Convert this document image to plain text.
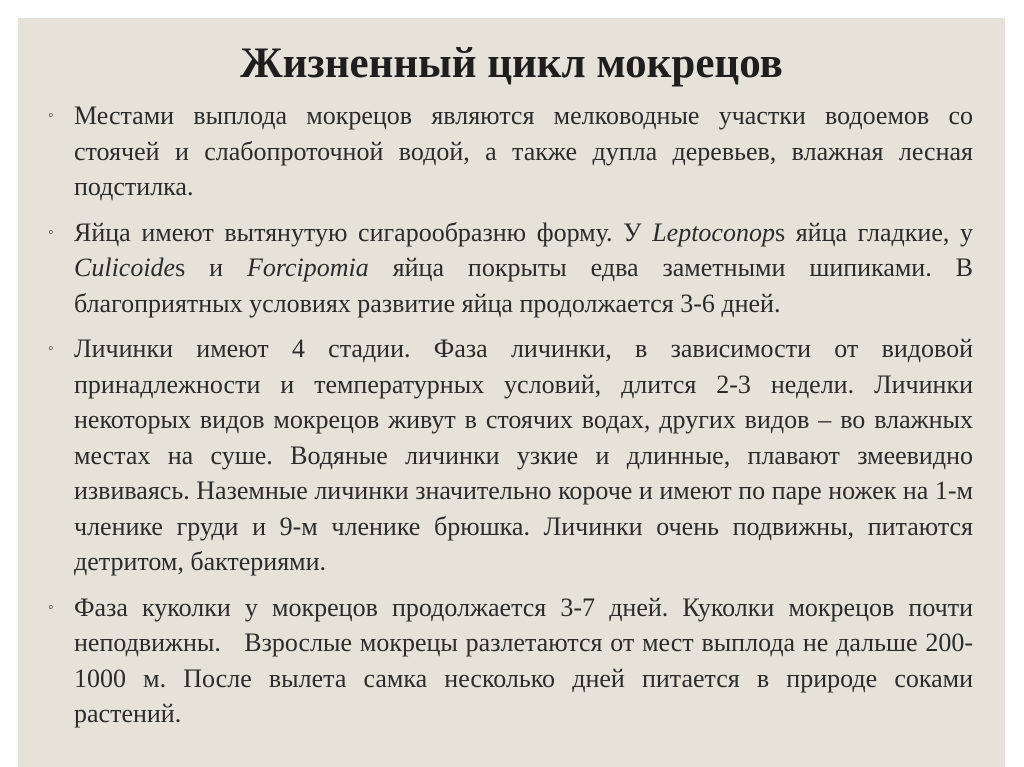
Жизненный цикл мокрецов
◦ Местами выплода мокрецов являются мелководные участки водоемов со стоячей и слабопроточной водой, а также дупла деревьев, влажная лесная подстилка.
◦ Яйца имеют вытянутую сигарообразню форму. У Leptoconops яйца гладкие, у Culicoides и Forcipomia яйца покрыты едва заметными шипиками. В благоприятных условиях развитие яйца продолжается 3-6 дней.
◦ Личинки имеют 4 стадии. Фаза личинки, в зависимости от видовой принадлежности и температурных условий, длится 2-3 недели. Личинки некоторых видов мокрецов живут в стоячих водах, других видов – во влажных местах на суше. Водяные личинки узкие и длинные, плавают змеевидно извиваясь. Наземные личинки значительно короче и имеют по паре ножек на 1-м членике груди и 9-м членике брюшка. Личинки очень подвижны, питаются детритом, бактериями.
◦ Фаза куколки у мокрецов продолжается 3-7 дней. Куколки мокрецов почти неподвижны.   Взрослые мокрецы разлетаются от мест выплода не дальше 200-1000 м. После вылета самка несколько дней питается в природе соками растений.
